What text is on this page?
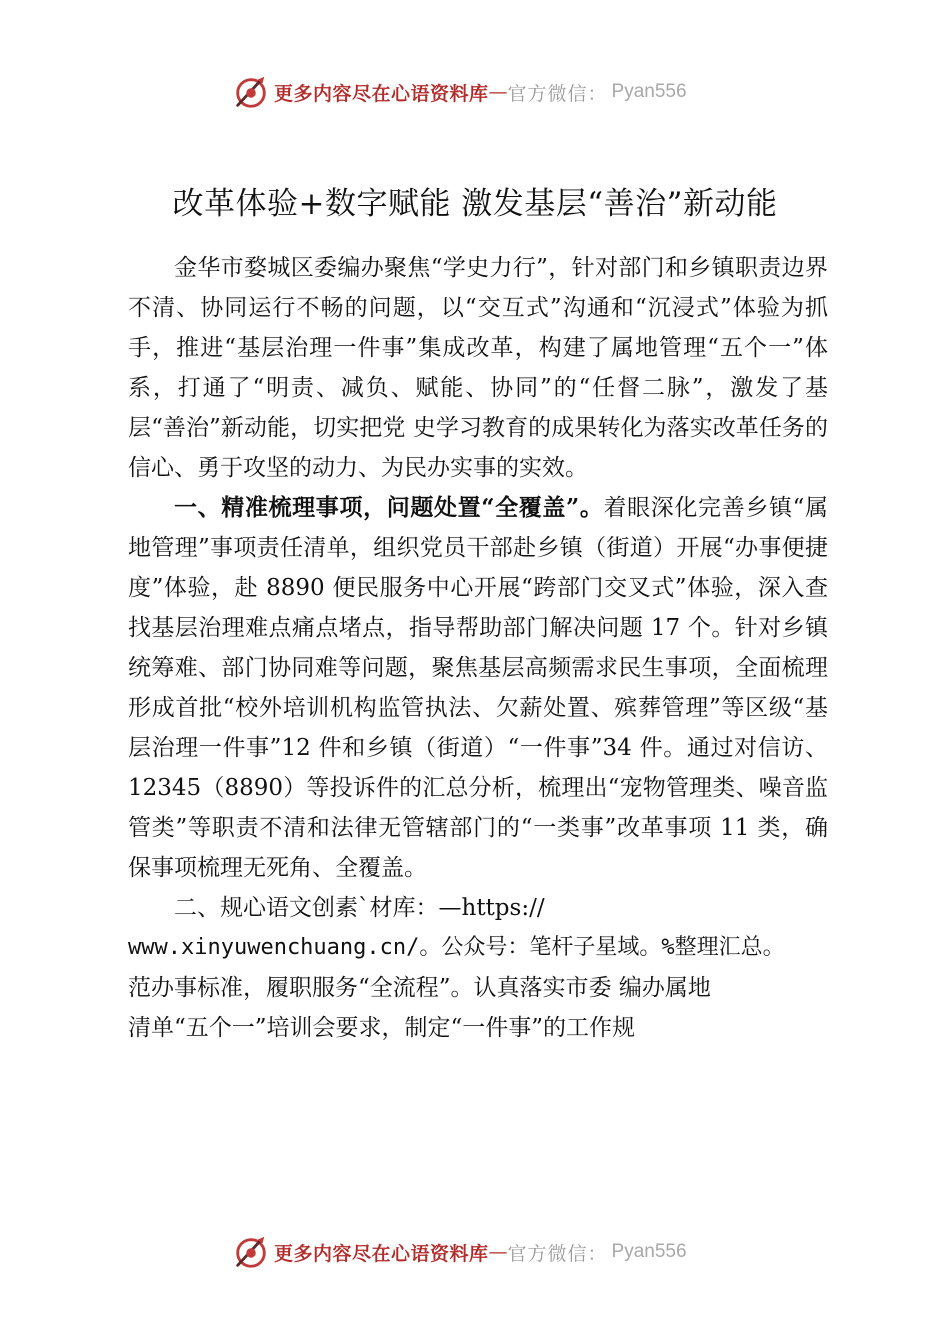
更多内容尽在心语资料库 — 官方微信： Pyan556
改革体验+数字赋能 激发基层“善治”新动能

金华市婺城区委编办聚焦“学史力行”，针对部门和乡镇职责边界不清、协同运行不畅的问题，以“交互式”沟通和“沉浸式”体验为抓手，推进“基层治理一件事”集成改革，构建了属地管理“五个一”体系，打通了“明责、减负、赋能、协同”的“任督二脉”，激发了基层“善治”新动能，切实把党 史学习教育的成果转化为落实改革任务的信心、勇于攻坚的动力、为民办实事的实效。

一、精准梳理事项，问题处置“全覆盖”。着眼深化完善乡镇“属地管理”事项责任清单，组织党员干部赴乡镇（街道）开展“办事便捷度”体验，赴 8890 便民服务中心开展“跨部门交叉式”体验，深入查找基层治理难点痛点堵点，指导帮助部门解决问题 17 个。针对乡镇统筹难、部门协同难等问题，聚焦基层高频需求民生事项，全面梳理形成首批“校外培训机构监管执法、欠薪处置、殡葬管理”等区级“基层治理一件事”12 件和乡镇（街道）“一件事”34 件。通过对信访、12345（8890）等投诉件的汇总分析，梳理出“宠物管理类、噪音监管类”等职责不清和法律无管辖部门的“一类事”改革事项 11 类，确保事项梳理无死角、全覆盖。

二、规心语文创素`材库：—https://
www.xinyuwenchuang.cn/。公众号：笔杆子星域。%整理汇总。
范办事标准，履职服务“全流程”。认真落实市委 编办属地
清单“五个一”培训会要求，制定“一件事”的工作规

更多内容尽在心语资料库 — 官方微信： Pyan556
